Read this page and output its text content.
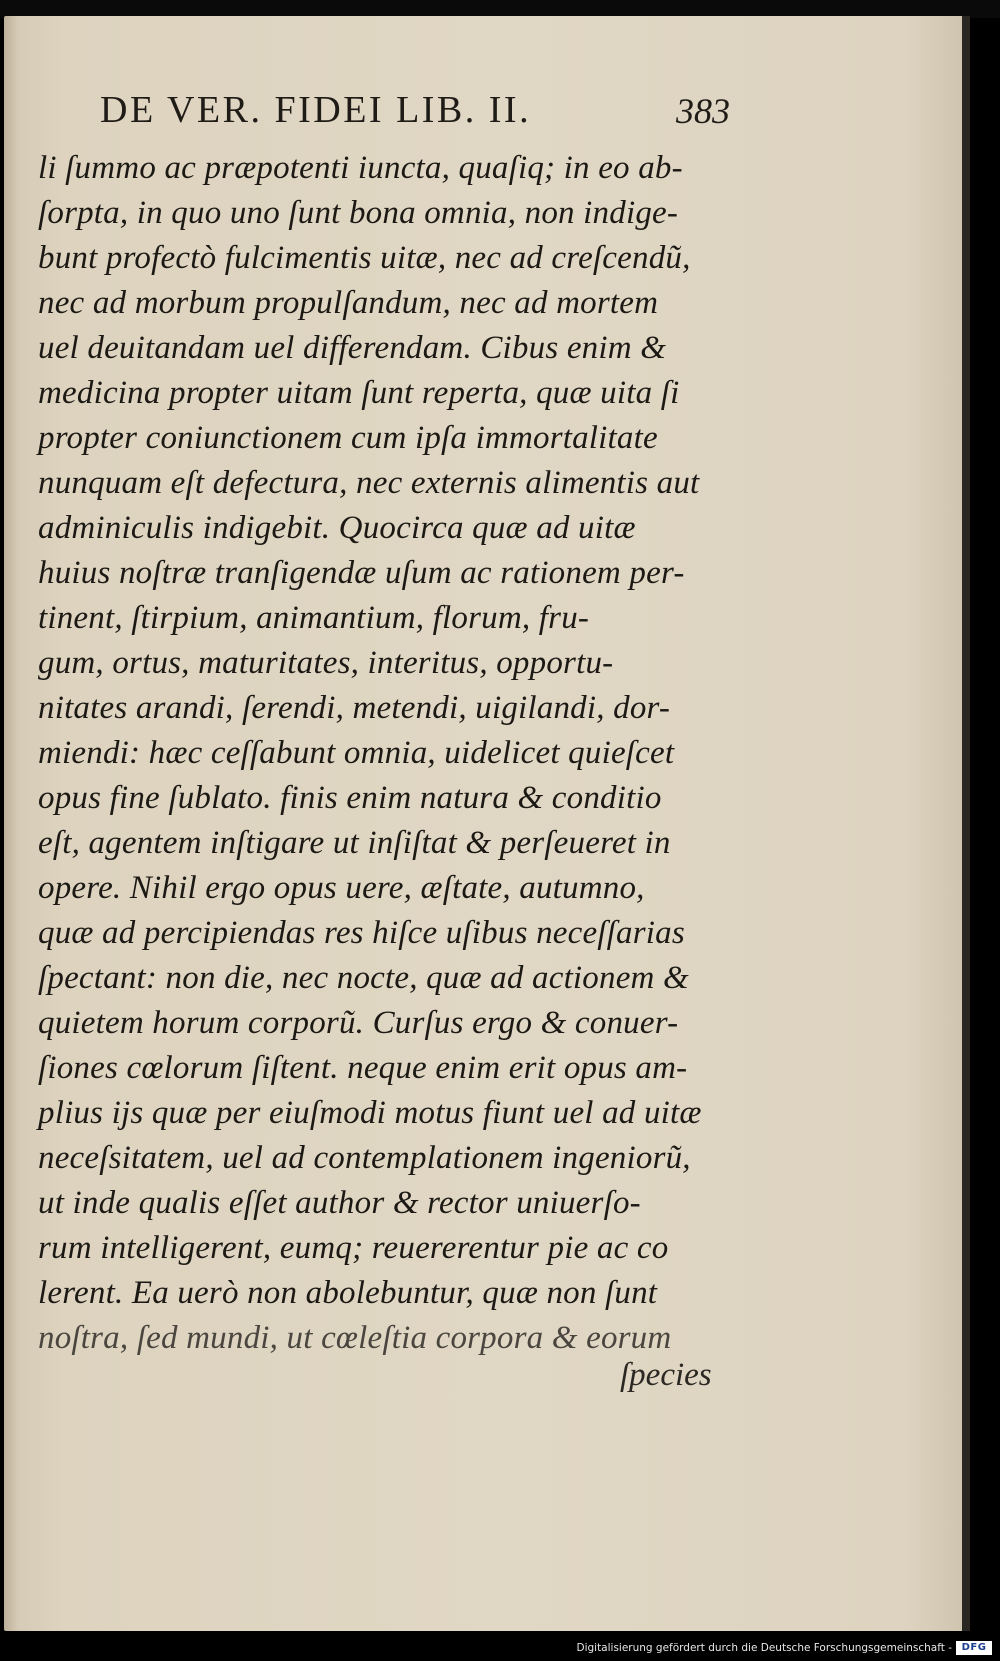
DE VER. FIDEI LIB. II.	383
li ſummo ac præpotenti iuncta, quaſiq; in eo ab-
ſorpta, in quo uno ſunt bona omnia, non indige-
bunt profectò fulcimentis uitæ, nec ad creſcendũ,
nec ad morbum propulſandum, nec ad mortem
uel deuitandam uel differendam. Cibus enim &
medicina propter uitam ſunt reperta, quæ uita ſi
propter coniunctionem cum ipſa immortalitate
nunquam eſt defectura, nec externis alimentis aut
adminiculis indigebit. Quocirca quæ ad uitæ
huius noſtræ tranſigendæ uſum ac rationem per-
tinent, ſtirpium, animantium, florum, fru-
gum, ortus, maturitates, interitus, opportu-
nitates arandi, ſerendi, metendi, uigilandi, dor-
miendi: hæc ceſſabunt omnia, uidelicet quieſcet
opus fine ſublato. finis enim natura & conditio
eſt, agentem inſtigare ut inſiſtat & perſeueret in
opere. Nihil ergo opus uere, æſtate, autumno,
quæ ad percipiendas res hiſce uſibus neceſſarias
ſpectant: non die, nec nocte, quæ ad actionem &
quietem horum corporũ. Curſus ergo & conuer-
ſiones cœlorum ſiſtent. neque enim erit opus am-
plius ijs quæ per eiuſmodi motus fiunt uel ad uitæ
neceſsitatem, uel ad contemplationem ingeniorũ,
ut inde qualis eſſet author & rector uniuerſo-
rum intelligerent, eumq; reuererentur pie ac co
lerent. Ea uerò non abolebuntur, quæ non ſunt
noſtra, ſed mundi, ut cœleſtia corpora & eorum
ſpecies
Digitalisierung gefördert durch die Deutsche Forschungsgemeinschaft - DFG
